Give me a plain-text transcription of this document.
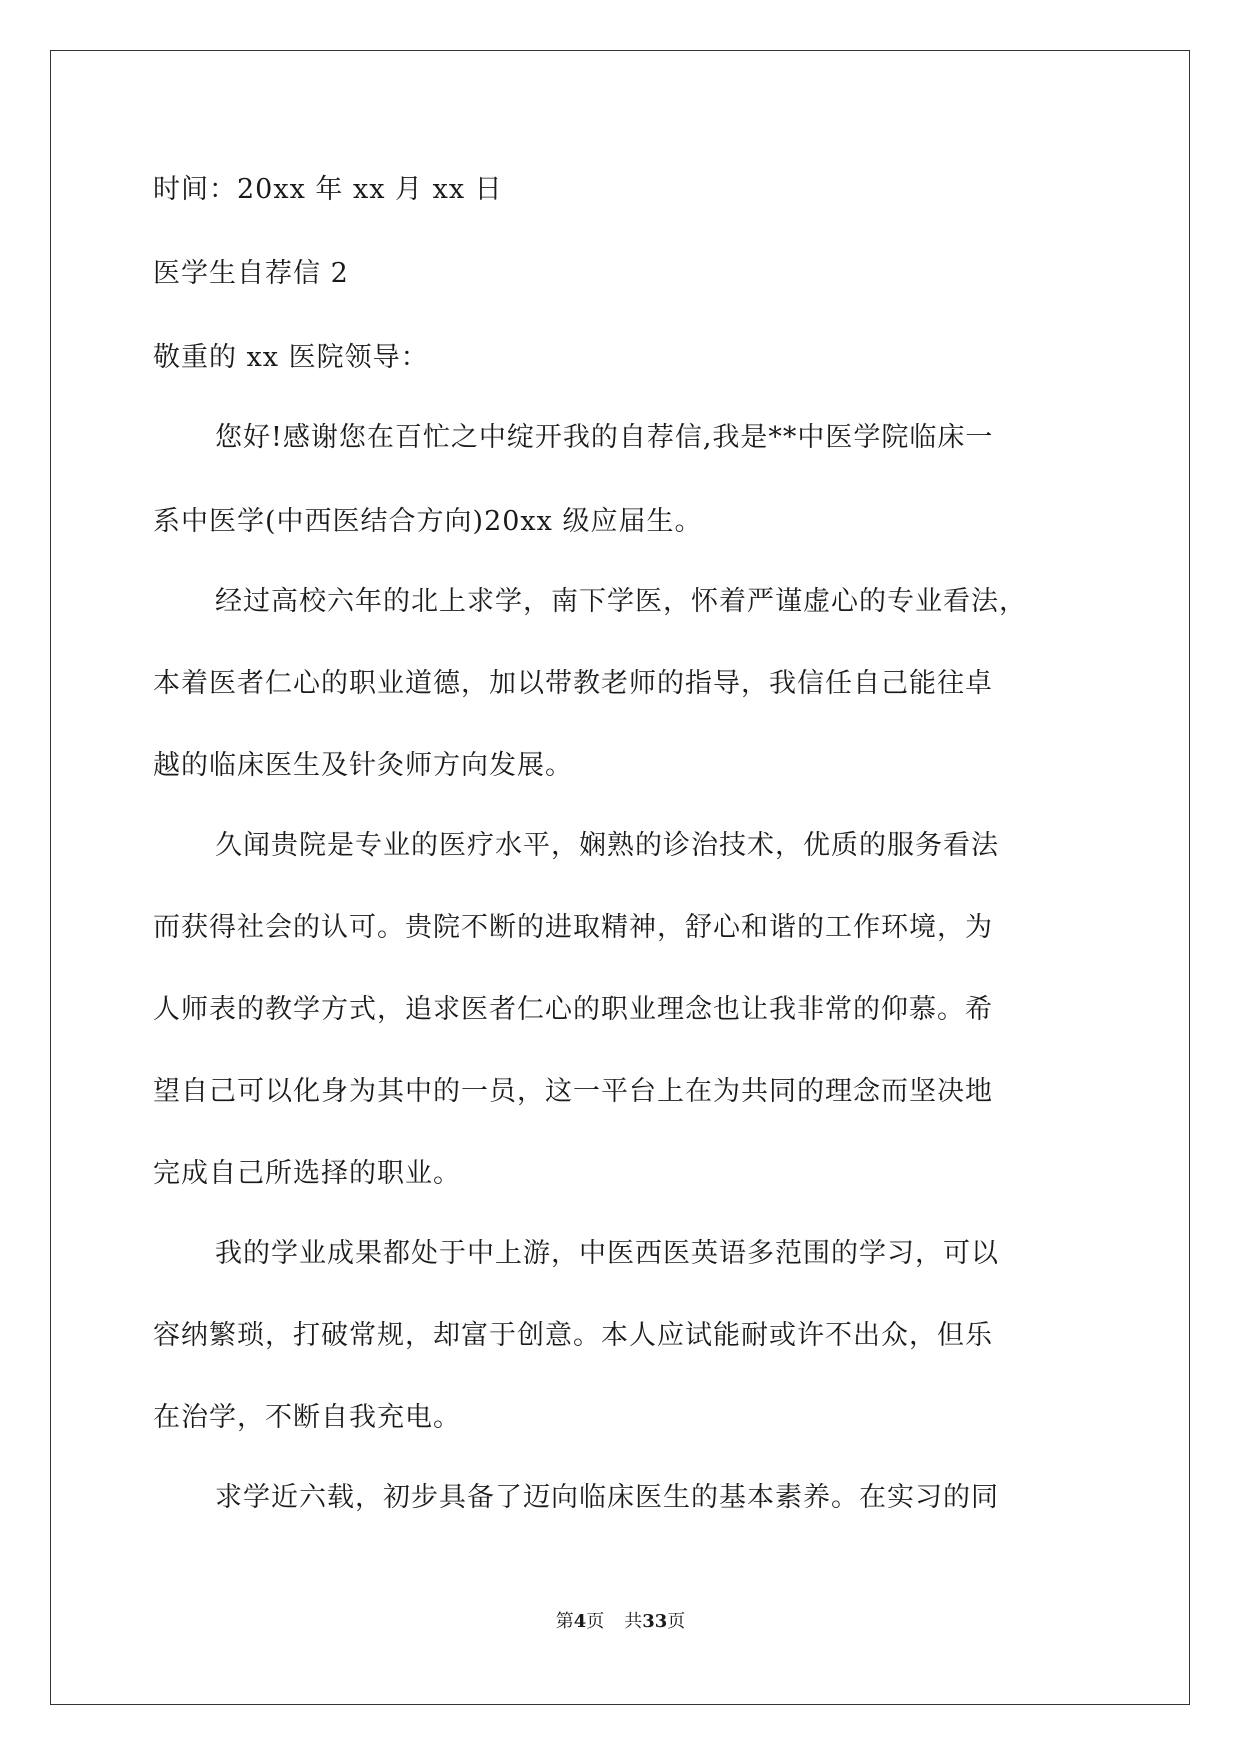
时间：20xx 年 xx 月 xx 日
医学生自荐信 2
敬重的 xx 医院领导：
您好!感谢您在百忙之中绽开我的自荐信,我是**中医学院临床一
系中医学(中西医结合方向)20xx 级应届生。
经过高校六年的北上求学，南下学医，怀着严谨虚心的专业看法，
本着医者仁心的职业道德，加以带教老师的指导，我信任自己能往卓
越的临床医生及针灸师方向发展。
久闻贵院是专业的医疗水平，娴熟的诊治技术，优质的服务看法
而获得社会的认可。贵院不断的进取精神，舒心和谐的工作环境，为
人师表的教学方式，追求医者仁心的职业理念也让我非常的仰慕。希
望自己可以化身为其中的一员，这一平台上在为共同的理念而坚决地
完成自己所选择的职业。
我的学业成果都处于中上游，中医西医英语多范围的学习，可以
容纳繁琐，打破常规，却富于创意。本人应试能耐或许不出众，但乐
在治学，不断自我充电。
求学近六载，初步具备了迈向临床医生的基本素养。在实习的同
第4页 共33页
